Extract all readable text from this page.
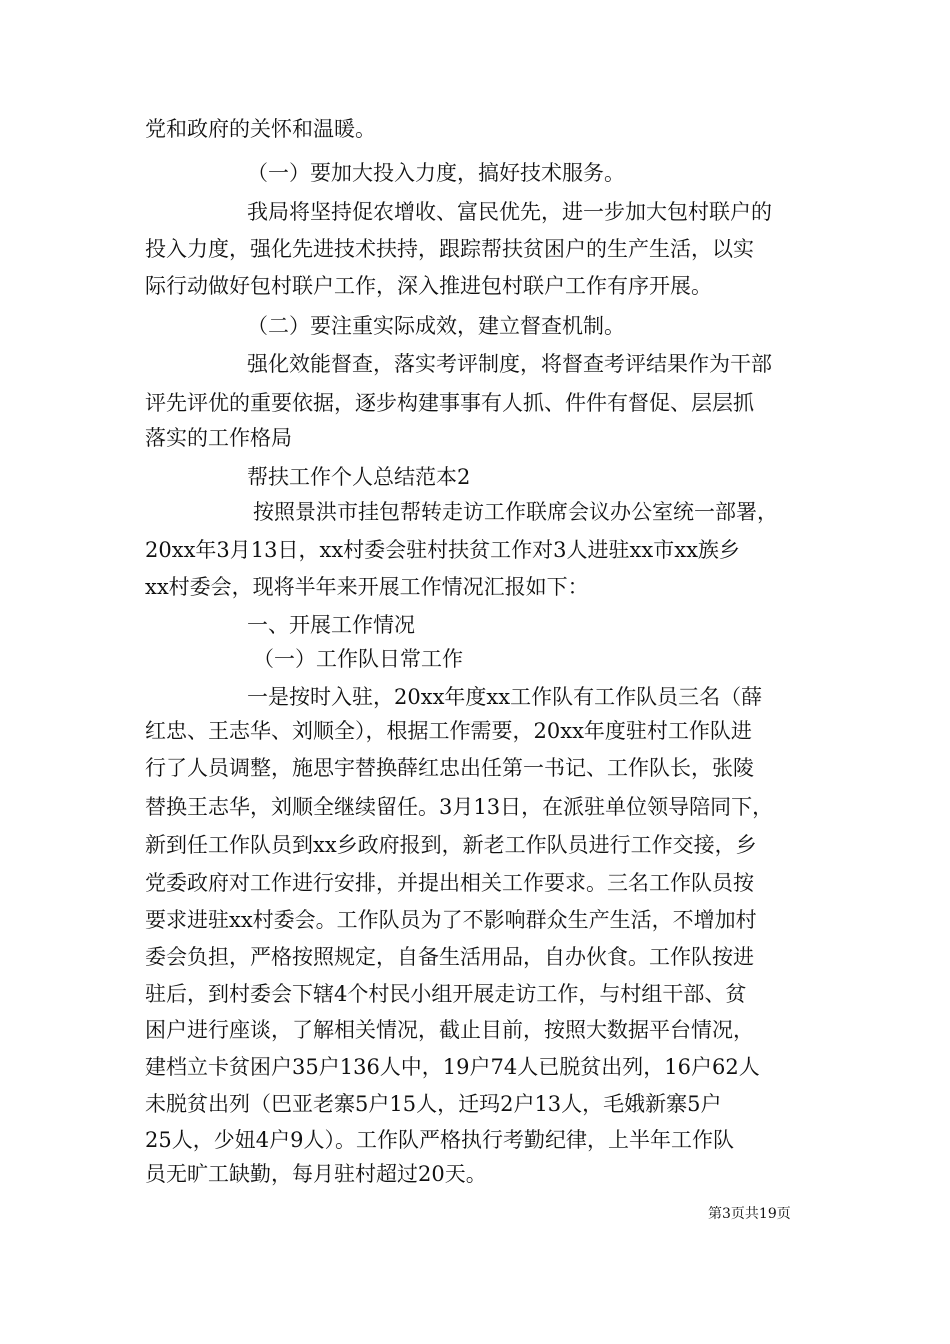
党和政府的关怀和温暖。

（一）要加大投入力度，搞好技术服务。

我局将坚持促农增收、富民优先，进一步加大包村联户的

投入力度，强化先进技术扶持，跟踪帮扶贫困户的生产生活，以实

际行动做好包村联户工作，深入推进包村联户工作有序开展。

（二）要注重实际成效，建立督查机制。

强化效能督查，落实考评制度，将督查考评结果作为干部

评先评优的重要依据，逐步构建事事有人抓、件件有督促、层层抓

落实的工作格局

帮扶工作个人总结范本2

按照景洪市挂包帮转走访工作联席会议办公室统一部署，

20xx年3月13日，xx村委会驻村扶贫工作对3人进驻xx市xx族乡

xx村委会，现将半年来开展工作情况汇报如下：

一、开展工作情况

（一）工作队日常工作

一是按时入驻，20xx年度xx工作队有工作队员三名（薛

红忠、王志华、刘顺全），根据工作需要，20xx年度驻村工作队进

行了人员调整，施思宇替换薛红忠出任第一书记、工作队长，张陵

替换王志华，刘顺全继续留任。3月13日，在派驻单位领导陪同下，

新到任工作队员到xx乡政府报到，新老工作队员进行工作交接，乡

党委政府对工作进行安排，并提出相关工作要求。三名工作队员按

要求进驻xx村委会。工作队员为了不影响群众生产生活，不增加村

委会负担，严格按照规定，自备生活用品，自办伙食。工作队按进

驻后，到村委会下辖4个村民小组开展走访工作，与村组干部、贫

困户进行座谈，了解相关情况，截止目前，按照大数据平台情况，

建档立卡贫困户35户136人中，19户74人已脱贫出列，16户62人

未脱贫出列（巴亚老寨5户15人，迁玛2户13人，毛娥新寨5户

25人，少妞4户9人）。工作队严格执行考勤纪律，上半年工作队

员无旷工缺勤，每月驻村超过20天。

第3页共19页
